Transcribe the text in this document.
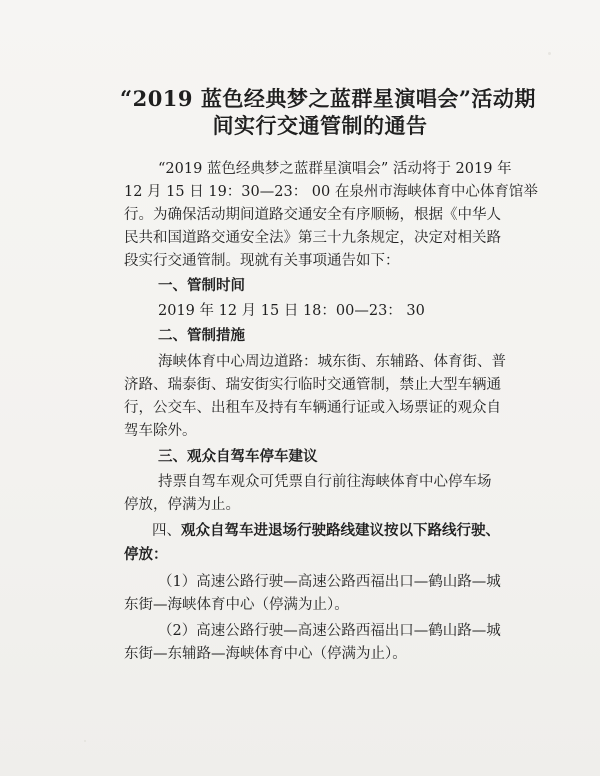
“2019 蓝色经典梦之蓝群星演唱会”活动期
间实行交通管制的通告

“2019 蓝色经典梦之蓝群星演唱会” 活动将于 2019 年

12 月 15 日 19：30—23： 00 在泉州市海峡体育中心体育馆举

行。为确保活动期间道路交通安全有序顺畅，根据《中华人

民共和国道路交通安全法》第三十九条规定，决定对相关路

段实行交通管制。现就有关事项通告如下：

一、管制时间

2019 年 12 月 15 日 18：00—23： 30

二、管制措施

海峡体育中心周边道路：城东街、东辅路、体育街、普

济路、瑞泰街、瑞安街实行临时交通管制，禁止大型车辆通

行，公交车、出租车及持有车辆通行证或入场票证的观众自

驾车除外。

三、观众自驾车停车建议

持票自驾车观众可凭票自行前往海峡体育中心停车场

停放，停满为止。

四、观众自驾车进退场行驶路线建议按以下路线行驶、

停放：

（1）高速公路行驶—高速公路西福出口—鹤山路—城

东街—海峡体育中心（停满为止）。

（2）高速公路行驶—高速公路西福出口—鹤山路—城

东街—东辅路—海峡体育中心（停满为止）。
